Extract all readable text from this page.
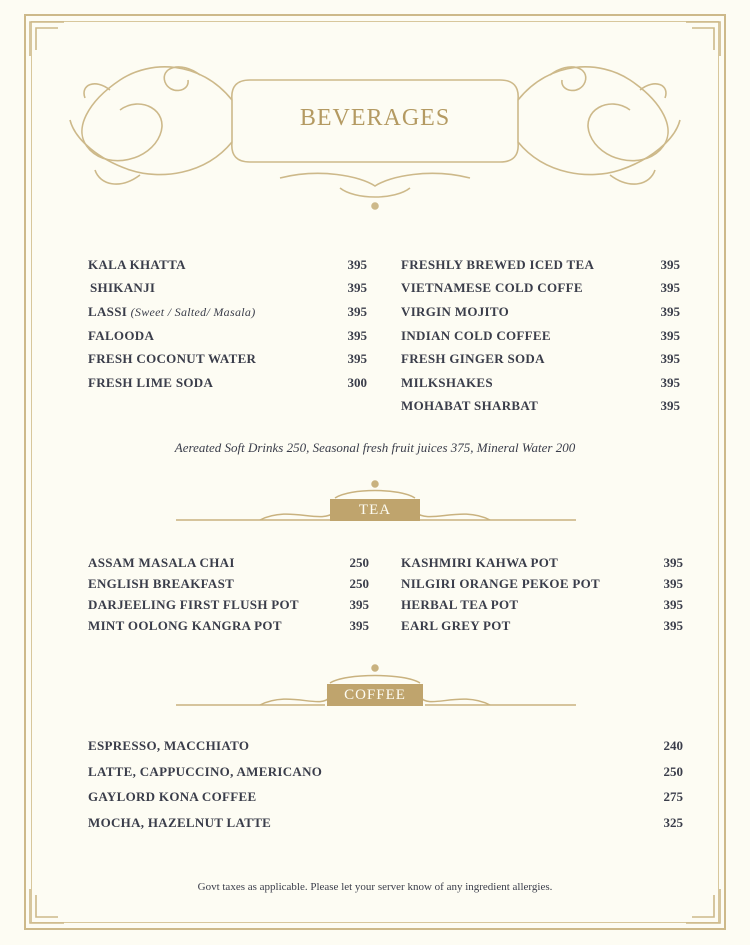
BEVERAGES
KALA KHATTA	395
SHIKANJI	395
LASSI (Sweet / Salted/ Masala)	395
FALOODA	395
FRESH COCONUT WATER	395
FRESH LIME SODA	300
FRESHLY BREWED ICED TEA	395
VIETNAMESE COLD COFFE	395
VIRGIN MOJITO	395
INDIAN COLD COFFEE	395
FRESH GINGER SODA	395
MILKSHAKES	395
MOHABAT SHARBAT	395
Aereated Soft Drinks 250, Seasonal fresh fruit juices 375, Mineral Water 200
TEA
ASSAM MASALA CHAI	250
ENGLISH BREAKFAST	250
DARJEELING FIRST FLUSH POT	395
MINT OOLONG KANGRA POT	395
KASHMIRI KAHWA POT	395
NILGIRI ORANGE PEKOE POT	395
HERBAL TEA POT	395
EARL GREY POT	395
COFFEE
ESPRESSO, MACCHIATO	240
LATTE, CAPPUCCINO, AMERICANO	250
GAYLORD KONA COFFEE	275
MOCHA, HAZELNUT LATTE	325
Govt taxes as applicable. Please let your server know of any ingredient allergies.
